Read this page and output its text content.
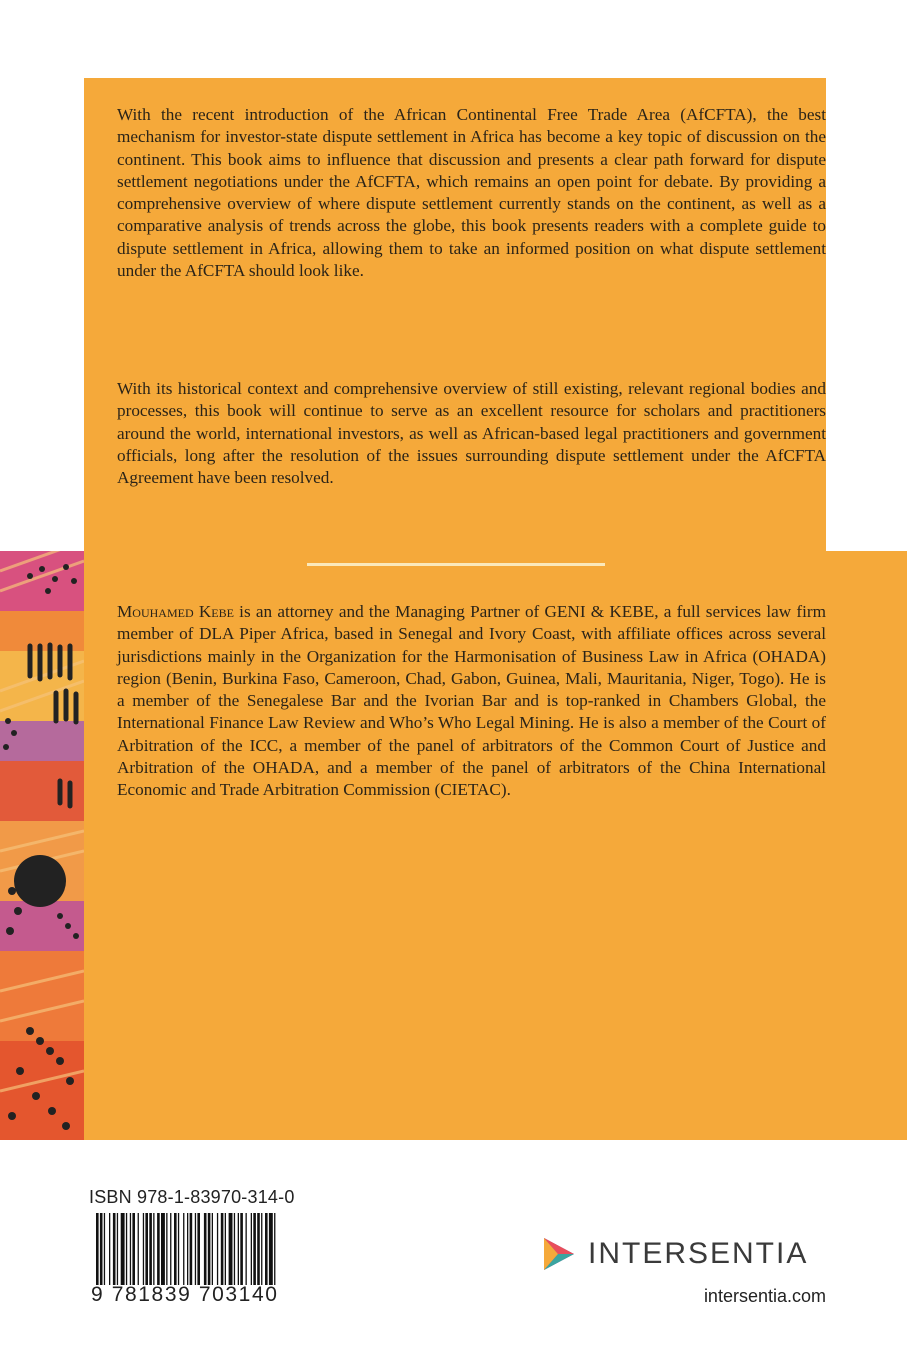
With the recent introduction of the African Continental Free Trade Area (AfCFTA), the best mechanism for investor-state dispute settlement in Africa has become a key topic of discussion on the continent. This book aims to influence that discussion and presents a clear path forward for dispute settlement negotiations under the AfCFTA, which remains an open point for debate. By providing a comprehensive overview of where dispute settlement currently stands on the continent, as well as a comparative analysis of trends across the globe, this book presents readers with a complete guide to dispute settlement in Africa, allowing them to take an informed position on what dispute settlement under the AfCFTA should look like.

With its historical context and comprehensive overview of still existing, relevant regional bodies and processes, this book will continue to serve as an excellent resource for scholars and practitioners around the world, international investors, as well as African-based legal practitioners and government officials, long after the resolution of the issues surrounding dispute settlement under the AfCFTA Agreement have been resolved.

Mouhamed Kebe is an attorney and the Managing Partner of GENI & KEBE, a full services law firm member of DLA Piper Africa, based in Senegal and Ivory Coast, with affiliate offices across several jurisdictions mainly in the Organization for the Harmonisation of Business Law in Africa (OHADA) region (Benin, Burkina Faso, Cameroon, Chad, Gabon, Guinea, Mali, Mauritania, Niger, Togo). He is a member of the Senegalese Bar and the Ivorian Bar and is top-ranked in Chambers Global, the International Finance Law Review and Who’s Who Legal Mining. He is also a member of the Court of Arbitration of the ICC, a member of the panel of arbitrators of the Common Court of Justice and Arbitration of the OHADA, and a member of the panel of arbitrators of the China International Economic and Trade Arbitration Commission (CIETAC).

ISBN 978-1-83970-314-0
9 781839 703140
INTERSENTIA
intersentia.com
